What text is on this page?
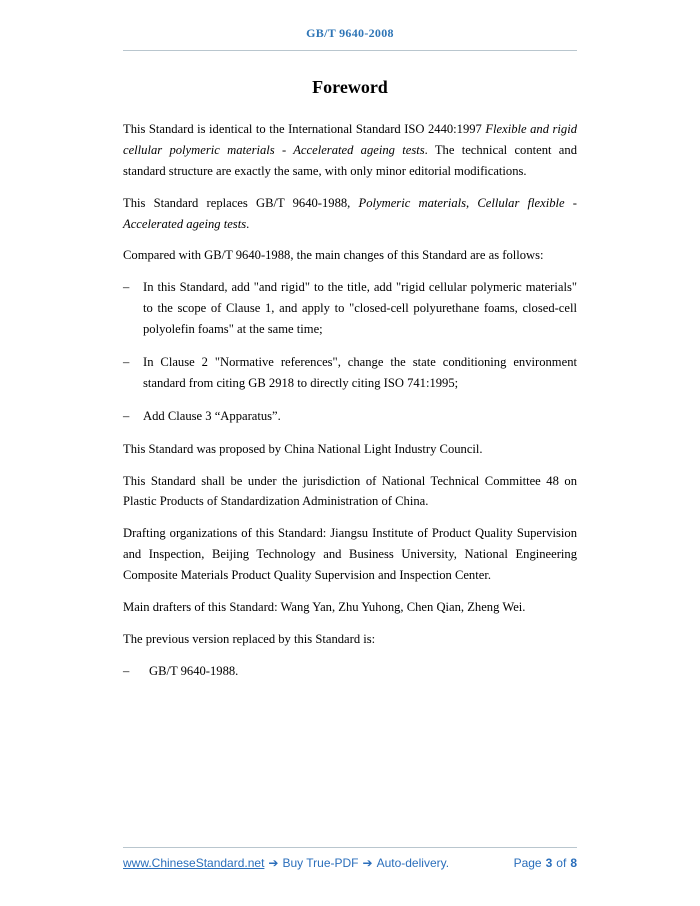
GB/T 9640-2008
Foreword
This Standard is identical to the International Standard ISO 2440:1997 Flexible and rigid cellular polymeric materials - Accelerated ageing tests. The technical content and standard structure are exactly the same, with only minor editorial modifications.
This Standard replaces GB/T 9640-1988, Polymeric materials, Cellular flexible - Accelerated ageing tests.
Compared with GB/T 9640-1988, the main changes of this Standard are as follows:
–	In this Standard, add "and rigid" to the title, add "rigid cellular polymeric materials" to the scope of Clause 1, and apply to "closed-cell polyurethane foams, closed-cell polyolefin foams" at the same time;
–	In Clause 2 "Normative references", change the state conditioning environment standard from citing GB 2918 to directly citing ISO 741:1995;
–	Add Clause 3 “Apparatus”.
This Standard was proposed by China National Light Industry Council.
This Standard shall be under the jurisdiction of National Technical Committee 48 on Plastic Products of Standardization Administration of China.
Drafting organizations of this Standard: Jiangsu Institute of Product Quality Supervision and Inspection, Beijing Technology and Business University, National Engineering Composite Materials Product Quality Supervision and Inspection Center.
Main drafters of this Standard: Wang Yan, Zhu Yuhong, Chen Qian, Zheng Wei.
The previous version replaced by this Standard is:
–	GB/T 9640-1988.
www.ChineseStandard.net ➔ Buy True-PDF ➔ Auto-delivery.	Page 3 of 8
